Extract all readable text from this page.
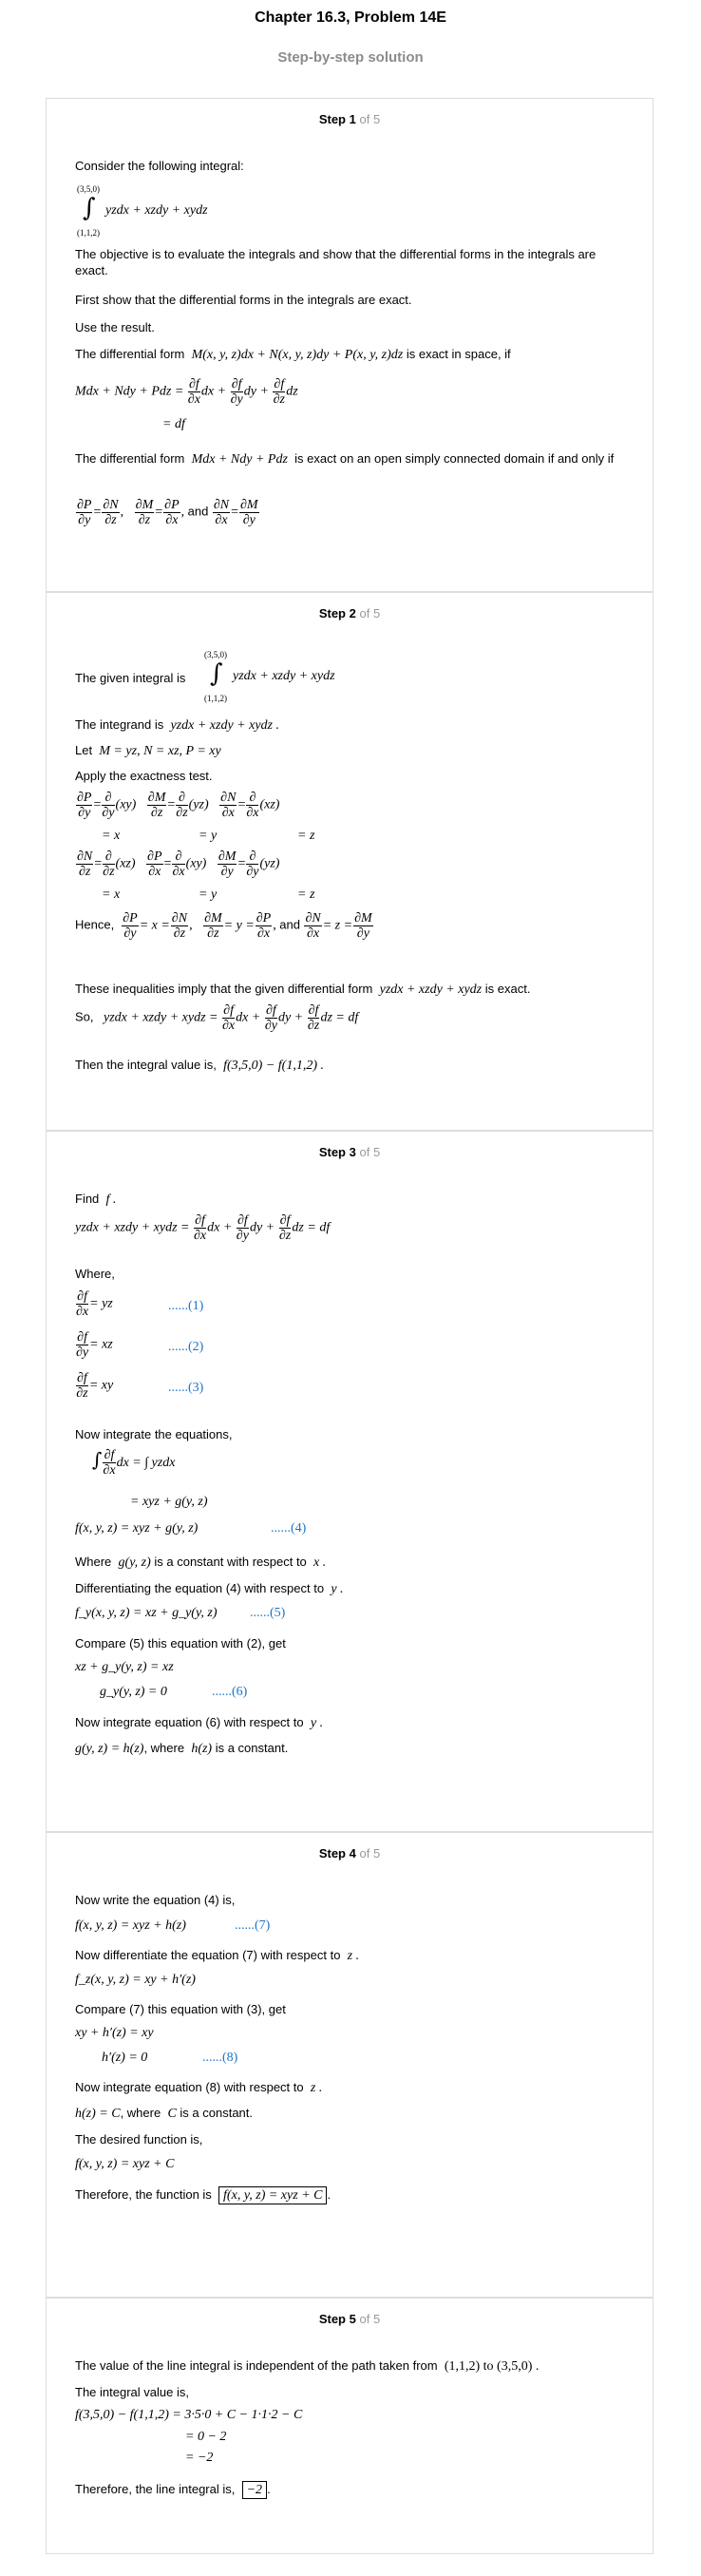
Chapter 16.3, Problem 14E
Step-by-step solution
Step 1 of 5
Consider the following integral:
(3,5,0)
∫
(1,1,2)
yzdx + xzdy + xydz
The objective is to evaluate the integrals and show that the differential forms in the integrals are exact.
First show that the differential forms in the integrals are exact.
Use the result.
The differential form M(x, y, z)dx + N(x, y, z)dy + P(x, y, z)dz is exact in space, if
Mdx + Ndy + Pdz = $\frac{\partial f}{\partial x}$ dx + $\frac{\partial f}{\partial y}$ dy + $\frac{\partial f}{\partial z}$ dz
= df
The differential form Mdx + Ndy + Pdz is exact on an open simply connected domain if and only if
$\frac{\partial P}{\partial y} = \frac{\partial N}{\partial z}$ , $\frac{\partial M}{\partial z} = \frac{\partial P}{\partial x}$ , and $\frac{\partial N}{\partial x} = \frac{\partial M}{\partial y}$
Step 2 of 5
The given integral is
(3,5,0)
∫
(1,1,2)
yzdx + xzdy + xydz
The integrand is yzdx + xzdy + xydz .
Let M = yz, N = xz, P = xy
Apply the exactness test.
$\frac{\partial P}{\partial y} = \frac{\partial}{\partial y} (xy) \frac{\partial M}{\partial z} = \frac{\partial}{\partial z} (yz) \frac{\partial N}{\partial x} = \frac{\partial}{\partial x} (xz)$
= x	= y	= z
$\frac{\partial N}{\partial z} = \frac{\partial}{\partial z} (xz) \frac{\partial P}{\partial x} = \frac{\partial}{\partial x} (xy) \frac{\partial M}{\partial y} = \frac{\partial}{\partial y} (yz)$
= x	= y	= z
Hence, $\frac{\partial P}{\partial y} = x = \frac{\partial N}{\partial z}$ , $\frac{\partial M}{\partial z} = y = \frac{\partial P}{\partial x}$ , and $\frac{\partial N}{\partial x} = z = \frac{\partial M}{\partial y}$
These inequalities imply that the given differential form yzdx + xzdy + xydz is exact.
So, yzdx + xzdy + xydz = $\frac{\partial f}{\partial x}$ dx + $\frac{\partial f}{\partial y}$ dy + $\frac{\partial f}{\partial z}$ dz = df
Then the integral value is, f(3,5,0) − f(1,1,2) .
Step 3 of 5
Find f .
yzdx + xzdy + xydz = $\frac{\partial f}{\partial x}$ dx + $\frac{\partial f}{\partial y}$ dy + $\frac{\partial f}{\partial z}$ dz = df
Where,
$\frac{\partial f}{\partial x}$ = yz	......(1)
$\frac{\partial f}{\partial y}$ = xz	......(2)
$\frac{\partial f}{\partial z}$ = xy	......(3)
Now integrate the equations,
∫ $\frac{\partial f}{\partial x}$ dx = ∫ yzdx
= xyz + g(y, z)
f(x, y, z) = xyz + g(y, z)	......(4)
Where g(y, z) is a constant with respect to x .
Differentiating the equation (4) with respect to y .
f_y(x, y, z) = xz + g_y(y, z) ......(5)
Compare (5) this equation with (2), get
xz + g_y(y, z) = xz
g_y(y, z) = 0	......(6)
Now integrate equation (6) with respect to y .
g(y, z) = h(z), where h(z) is a constant.
Step 4 of 5
Now write the equation (4) is,
f(x, y, z) = xyz + h(z)	......(7)
Now differentiate the equation (7) with respect to z .
f_z(x, y, z) = xy + h′(z)
Compare (7) this equation with (3), get
xy + h′(z) = xy
h′(z) = 0	......(8)
Now integrate equation (8) with respect to z .
h(z) = C, where C is a constant.
The desired function is,
f(x, y, z) = xyz + C
Therefore, the function is f(x, y, z) = xyz + C .
Step 5 of 5
The value of the line integral is independent of the path taken from (1,1,2) to (3,5,0) .
The integral value is,
f(3,5,0) − f(1,1,2) = 3·5·0 + C − 1·1·2 − C
= 0 − 2
= −2
Therefore, the line integral is, −2 .
